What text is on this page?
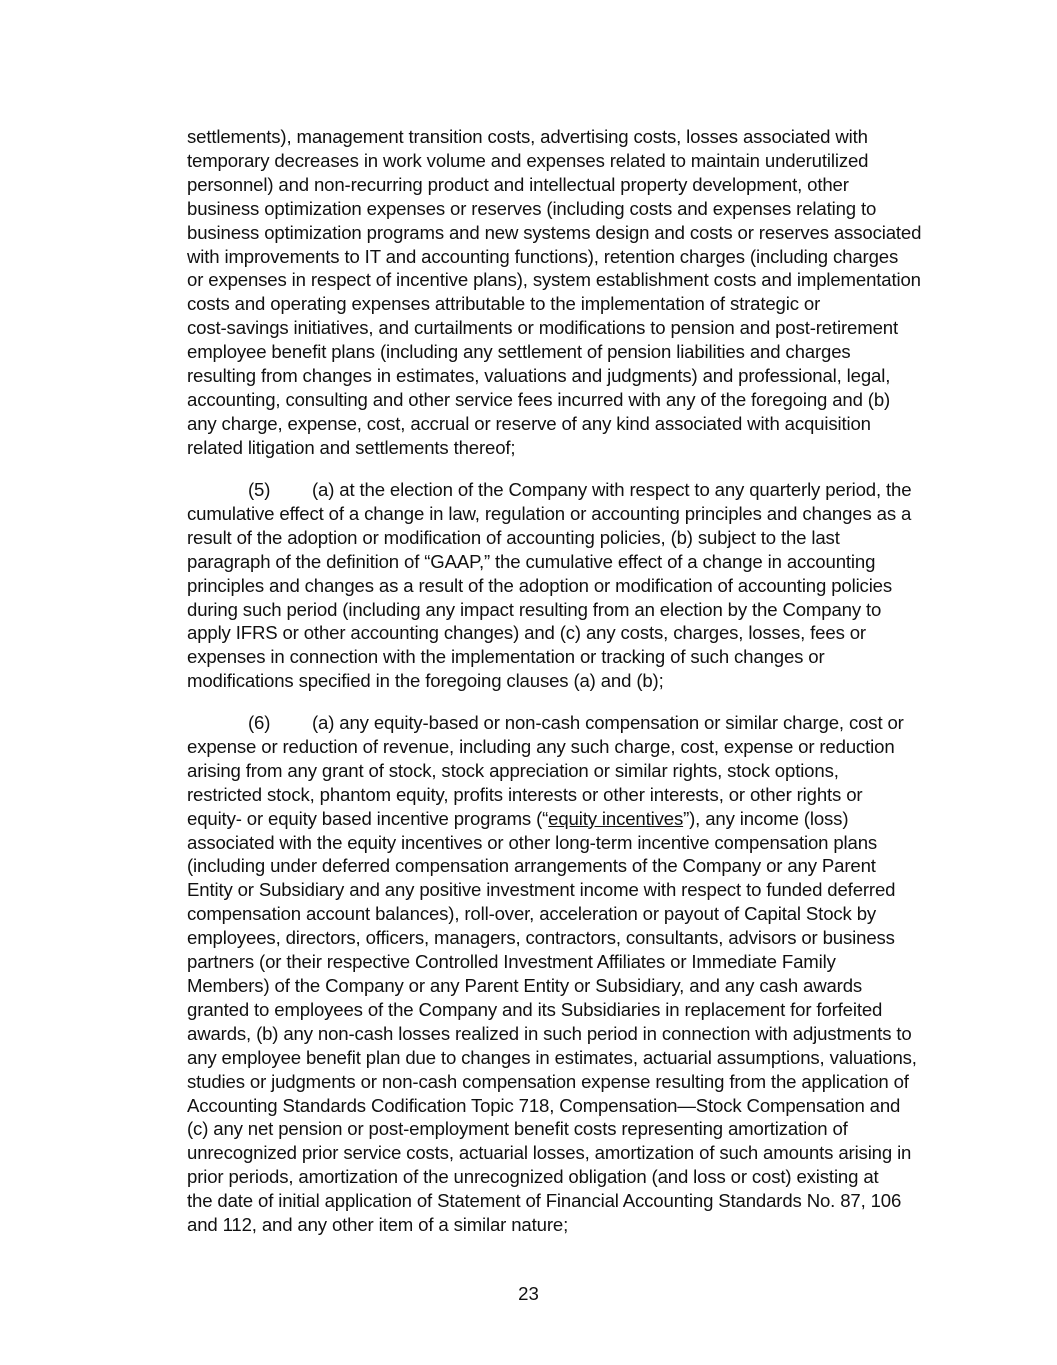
settlements), management transition costs, advertising costs, losses associated with
temporary decreases in work volume and expenses related to maintain underutilized
personnel) and non-recurring product and intellectual property development, other
business optimization expenses or reserves (including costs and expenses relating to
business optimization programs and new systems design and costs or reserves associated
with improvements to IT and accounting functions), retention charges (including charges
or expenses in respect of incentive plans), system establishment costs and implementation
costs and operating expenses attributable to the implementation of strategic or
cost-savings initiatives, and curtailments or modifications to pension and post-retirement
employee benefit plans (including any settlement of pension liabilities and charges
resulting from changes in estimates, valuations and judgments) and professional, legal,
accounting, consulting and other service fees incurred with any of the foregoing and (b)
any charge, expense, cost, accrual or reserve of any kind associated with acquisition
related litigation and settlements thereof;

(5) (a) at the election of the Company with respect to any quarterly period, the
cumulative effect of a change in law, regulation or accounting principles and changes as a
result of the adoption or modification of accounting policies, (b) subject to the last
paragraph of the definition of “GAAP,” the cumulative effect of a change in accounting
principles and changes as a result of the adoption or modification of accounting policies
during such period (including any impact resulting from an election by the Company to
apply IFRS or other accounting changes) and (c) any costs, charges, losses, fees or
expenses in connection with the implementation or tracking of such changes or
modifications specified in the foregoing clauses (a) and (b);

(6) (a) any equity-based or non-cash compensation or similar charge, cost or
expense or reduction of revenue, including any such charge, cost, expense or reduction
arising from any grant of stock, stock appreciation or similar rights, stock options,
restricted stock, phantom equity, profits interests or other interests, or other rights or
equity- or equity based incentive programs (“equity incentives”), any income (loss)
associated with the equity incentives or other long-term incentive compensation plans
(including under deferred compensation arrangements of the Company or any Parent
Entity or Subsidiary and any positive investment income with respect to funded deferred
compensation account balances), roll-over, acceleration or payout of Capital Stock by
employees, directors, officers, managers, contractors, consultants, advisors or business
partners (or their respective Controlled Investment Affiliates or Immediate Family
Members) of the Company or any Parent Entity or Subsidiary, and any cash awards
granted to employees of the Company and its Subsidiaries in replacement for forfeited
awards, (b) any non-cash losses realized in such period in connection with adjustments to
any employee benefit plan due to changes in estimates, actuarial assumptions, valuations,
studies or judgments or non-cash compensation expense resulting from the application of
Accounting Standards Codification Topic 718, Compensation—Stock Compensation and
(c) any net pension or post-employment benefit costs representing amortization of
unrecognized prior service costs, actuarial losses, amortization of such amounts arising in
prior periods, amortization of the unrecognized obligation (and loss or cost) existing at
the date of initial application of Statement of Financial Accounting Standards No. 87, 106
and 112, and any other item of a similar nature;

23
